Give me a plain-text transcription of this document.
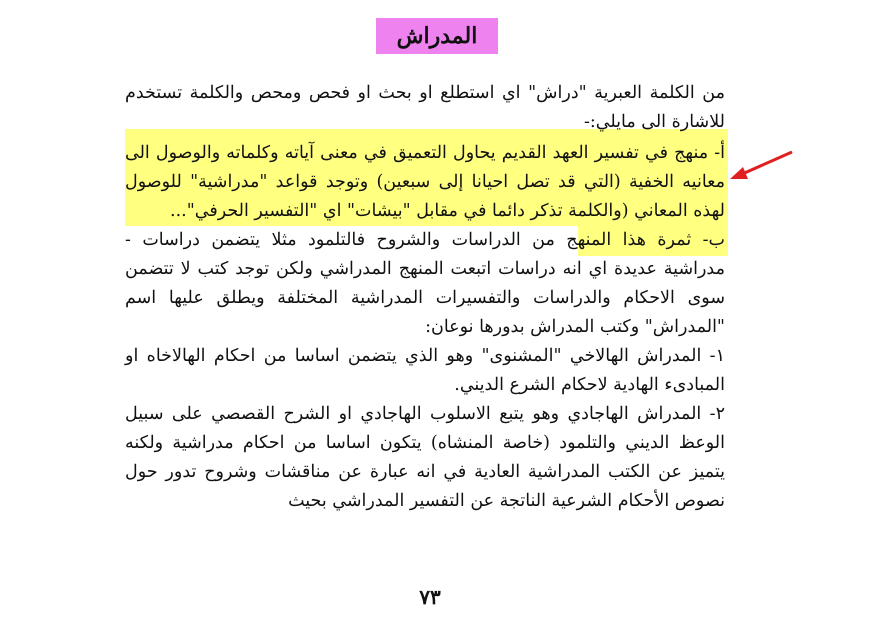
المدراش

من الكلمة العبرية "دراش" اي استطلع او بحث او فحص ومحص والكلمة تستخدم للاشارة الى مايلي:-

أ- منهج في تفسير العهد القديم يحاول التعميق في معنى آياته وكلماته والوصول الى معانيه الخفية (التي قد تصل احيانا إلى سبعين) وتوجد قواعد "مدراشية" للوصول لهذه المعاني (والكلمة تذكر دائما في مقابل "بيشات" اي "التفسير الحرفي"...

ب- ثمرة هذا المنهج من الدراسات والشروح فالتلمود مثلا يتضمن دراسات - مدراشية عديدة اي انه دراسات اتبعت المنهج المدراشي ولكن توجد كتب لا تتضمن سوى الاحكام والدراسات والتفسيرات المدراشية المختلفة ويطلق عليها اسم "المدراش" وكتب المدراش بدورها نوعان:

١- المدراش الهالاخي "المشنوى" وهو الذي يتضمن اساسا من احكام الهالاخاه او المبادىء الهادية لاحكام الشرع الديني.

٢- المدراش الهاجادي وهو يتبع الاسلوب الهاجادي او الشرح القصصي على سبيل الوعظ الديني والتلمود (خاصة المنشاه) يتكون اساسا من احكام مدراشية ولكنه يتميز عن الكتب المدراشية العادية في انه عبارة عن مناقشات وشروح تدور حول نصوص الأحكام الشرعية الناتجة عن التفسير المدراشي بحيث

٧٣
